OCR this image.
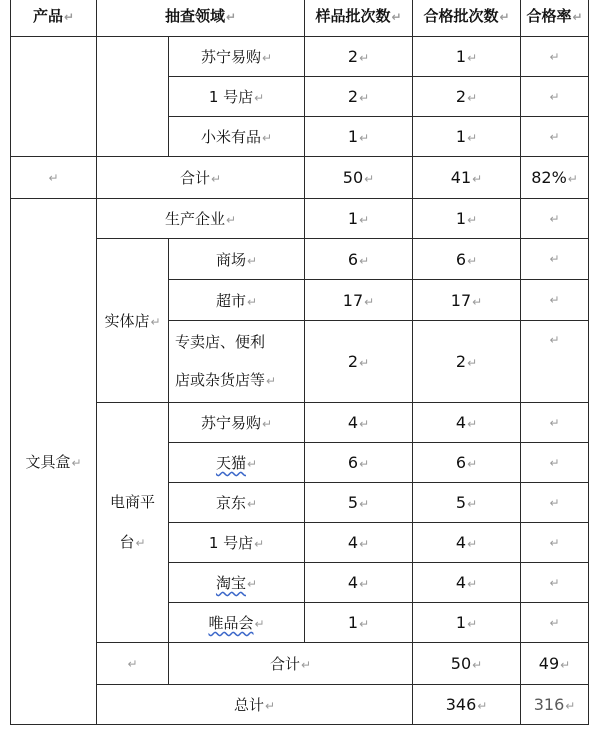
产品↵	抽查领域↵		样品批次数↵	合格批次数↵	合格率↵	
		苏宁易购↵	2↵	1↵	↵	
		1 号店↵	2↵	2↵	↵	
		小米有品↵	1↵	1↵	↵	
↵	合计↵		50↵	41↵	82%↵	
文具盒↵	生产企业↵		1↵	1↵	↵	
	实体店↵	商场↵	6↵	6↵	↵	
		超市↵	17↵	17↵	↵	
		专卖店、便利
店或杂货店等↵	2↵	2↵	↵	
	电商平
台↵	苏宁易购↵	4↵	4↵	↵	
		天猫↵	6↵	6↵	↵	
		京东↵	5↵	5↵	↵	
		1 号店↵	4↵	4↵	↵	
		淘宝↵	4↵	4↵	↵	
		唯品会↵	1↵	1↵	↵	
	↵	合计↵		50↵	49↵	
	总计↵			346↵	316↵	
